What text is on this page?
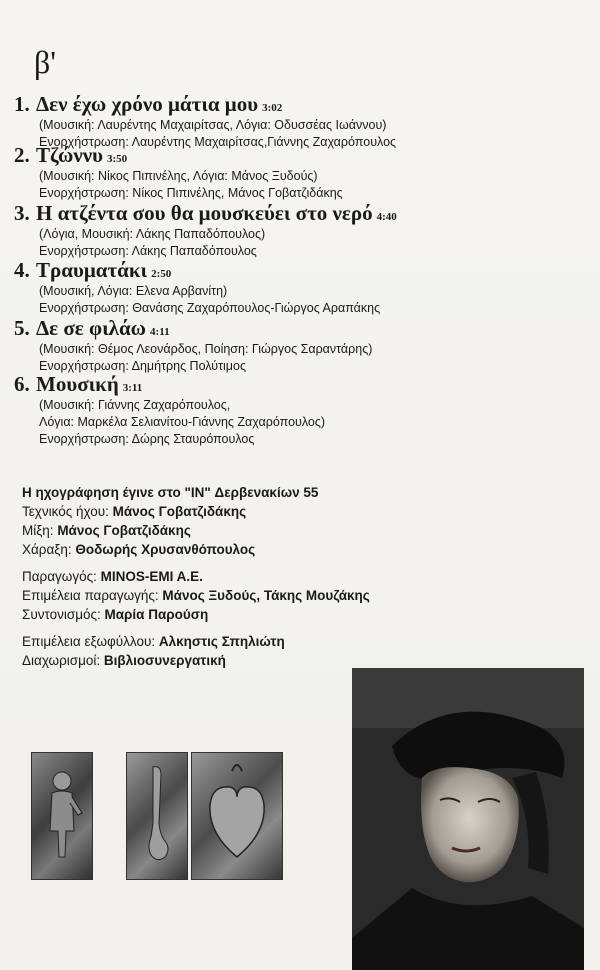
β'
1. Δεν έχω χρόνο μάτια μου 3:02
(Μουσική: Λαυρέντης Μαχαιρίτσας, Λόγια: Οδυσσέας Ιωάννου)
Ενορχήστρωση: Λαυρέντης Μαχαιρίτσας,Γιάννης Ζαχαρόπουλος
2. Τζώννυ 3:50
(Μουσική: Νίκος Πιπινέλης, Λόγια: Μάνος Ξυδούς)
Ενορχήστρωση: Νίκος Πιπινέλης, Μάνος Γοβατζιδάκης
3. Η ατζέντα σου θα μουσκεύει στο νερό 4:40
(Λόγια, Μουσική: Λάκης Παπαδόπουλος)
Ενορχήστρωση: Λάκης Παπαδόπουλος
4. Τραυματάκι 2:50
(Μουσική, Λόγια: Ελενα Αρβανίτη)
Ενορχήστρωση: Θανάσης Ζαχαρόπουλος-Γιώργος Αραπάκης
5. Δε σε φιλάω 4:11
(Μουσική: Θέμος Λεονάρδος, Ποίηση: Γιώργος Σαραντάρης)
Ενορχήστρωση: Δημήτρης Πολύτιμος
6. Μουσική 3:11
(Μουσική: Γιάννης Ζαχαρόπουλος,
Λόγια: Μαρκέλα Σελιανίτου-Γιάννης Ζαχαρόπουλος)
Ενορχήστρωση: Δώρης Σταυρόπουλος
Η ηχογράφηση έγινε στο "IN" Δερβενακίων 55
Τεχνικός ήχου: Μάνος Γοβατζιδάκης
Μίξη: Μάνος Γοβατζιδάκης
Χάραξη: Θοδωρής Χρυσανθόπουλος
Παραγωγός: MINOS-EMI A.E.
Επιμέλεια παραγωγής: Μάνος Ξυδούς, Τάκης Μουζάκης
Συντονισμός: Μαρία Παρούση
Επιμέλεια εξωφύλλου: Αλκηστις Σπηλιώτη
Διαχωρισμοί: Βιβλιοσυνεργατική
